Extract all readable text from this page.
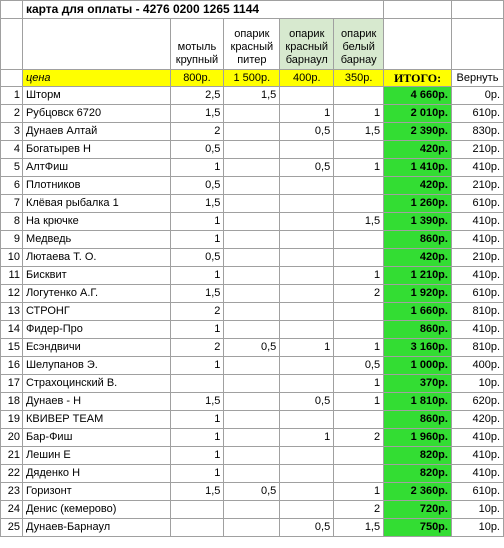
	карта для оплаты - 4276 0200 1265 1144						
		мотыль крупный	опарик красный питер	опарик красный барнаул	опарик белый барнау		
	цена	800р.	1 500р.	400р.	350р.	ИТОГО:	Вернуть
1	Шторм	2,5	1,5			4 660р.	0р.
2	Рубцовск 6720	1,5		1	1	2 010р.	610р.
3	Дунаев Алтай	2		0,5	1,5	2 390р.	830р.
4	Богатырев Н	0,5				420р.	210р.
5	АлтФиш	1		0,5	1	1 410р.	410р.
6	Плотников	0,5				420р.	210р.
7	Клёвая рыбалка 1	1,5				1 260р.	610р.
8	На крючке	1			1,5	1 390р.	410р.
9	Медведь	1				860р.	410р.
10	Лютаева Т. О.	0,5				420р.	210р.
11	Бисквит	1			1	1 210р.	410р.
12	Логутенко А.Г.	1,5			2	1 920р.	610р.
13	СТРОНГ	2				1 660р.	810р.
14	Фидер-Про	1				860р.	410р.
15	Есэндвичи	2	0,5	1	1	3 160р.	810р.
16	Шелупанов Э.	1			0,5	1 000р.	400р.
17	Страхоцинский В.				1	370р.	10р.
18	Дунаев - Н	1,5		0,5	1	1 810р.	620р.
19	КВИВЕР TEAM	1				860р.	420р.
20	Бар-Фиш	1		1	2	1 960р.	410р.
21	Лешин Е	1				820р.	410р.
22	Дяденко Н	1				820р.	410р.
23	Горизонт	1,5	0,5		1	2 360р.	610р.
24	Денис (кемерово)				2	720р.	10р.
25	Дунаев-Барнаул			0,5	1,5	750р.	10р.
